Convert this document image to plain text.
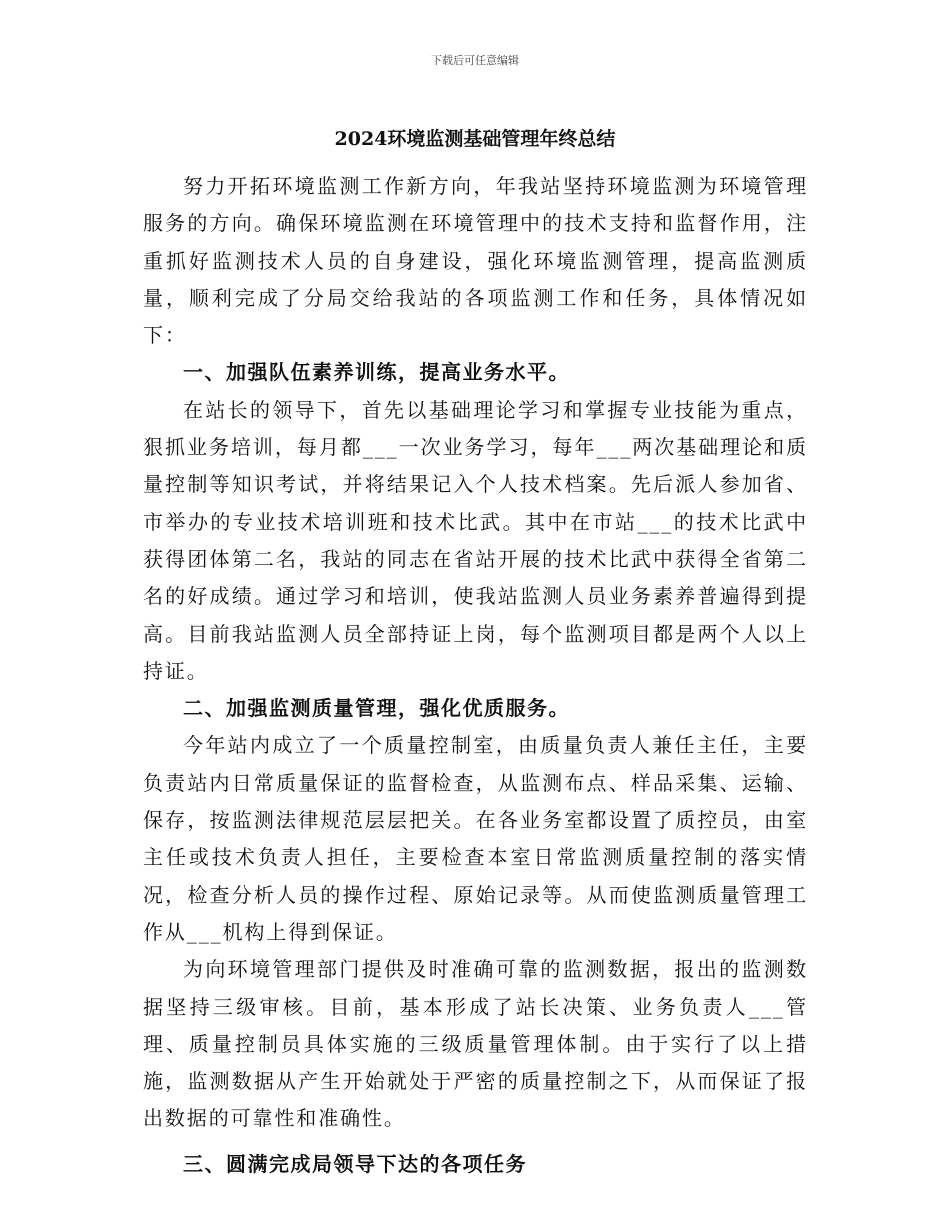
下载后可任意编辑
2024环境监测基础管理年终总结

努力开拓环境监测工作新方向，年我站坚持环境监测为环境管理服务的方向。确保环境监测在环境管理中的技术支持和监督作用，注重抓好监测技术人员的自身建设，强化环境监测管理，提高监测质量，顺利完成了分局交给我站的各项监测工作和任务，具体情况如下：

一、加强队伍素养训练，提高业务水平。

在站长的领导下，首先以基础理论学习和掌握专业技能为重点，狠抓业务培训，每月都___一次业务学习，每年___两次基础理论和质量控制等知识考试，并将结果记入个人技术档案。先后派人参加省、市举办的专业技术培训班和技术比武。其中在市站___的技术比武中获得团体第二名，我站的同志在省站开展的技术比武中获得全省第二名的好成绩。通过学习和培训，使我站监测人员业务素养普遍得到提高。目前我站监测人员全部持证上岗，每个监测项目都是两个人以上持证。

二、加强监测质量管理，强化优质服务。

今年站内成立了一个质量控制室，由质量负责人兼任主任，主要负责站内日常质量保证的监督检查，从监测布点、样品采集、运输、保存，按监测法律规范层层把关。在各业务室都设置了质控员，由室主任或技术负责人担任，主要检查本室日常监测质量控制的落实情况，检查分析人员的操作过程、原始记录等。从而使监测质量管理工作从___机构上得到保证。

为向环境管理部门提供及时准确可靠的监测数据，报出的监测数据坚持三级审核。目前，基本形成了站长决策、业务负责人___管理、质量控制员具体实施的三级质量管理体制。由于实行了以上措施，监测数据从产生开始就处于严密的质量控制之下，从而保证了报出数据的可靠性和准确性。

三、圆满完成局领导下达的各项任务
